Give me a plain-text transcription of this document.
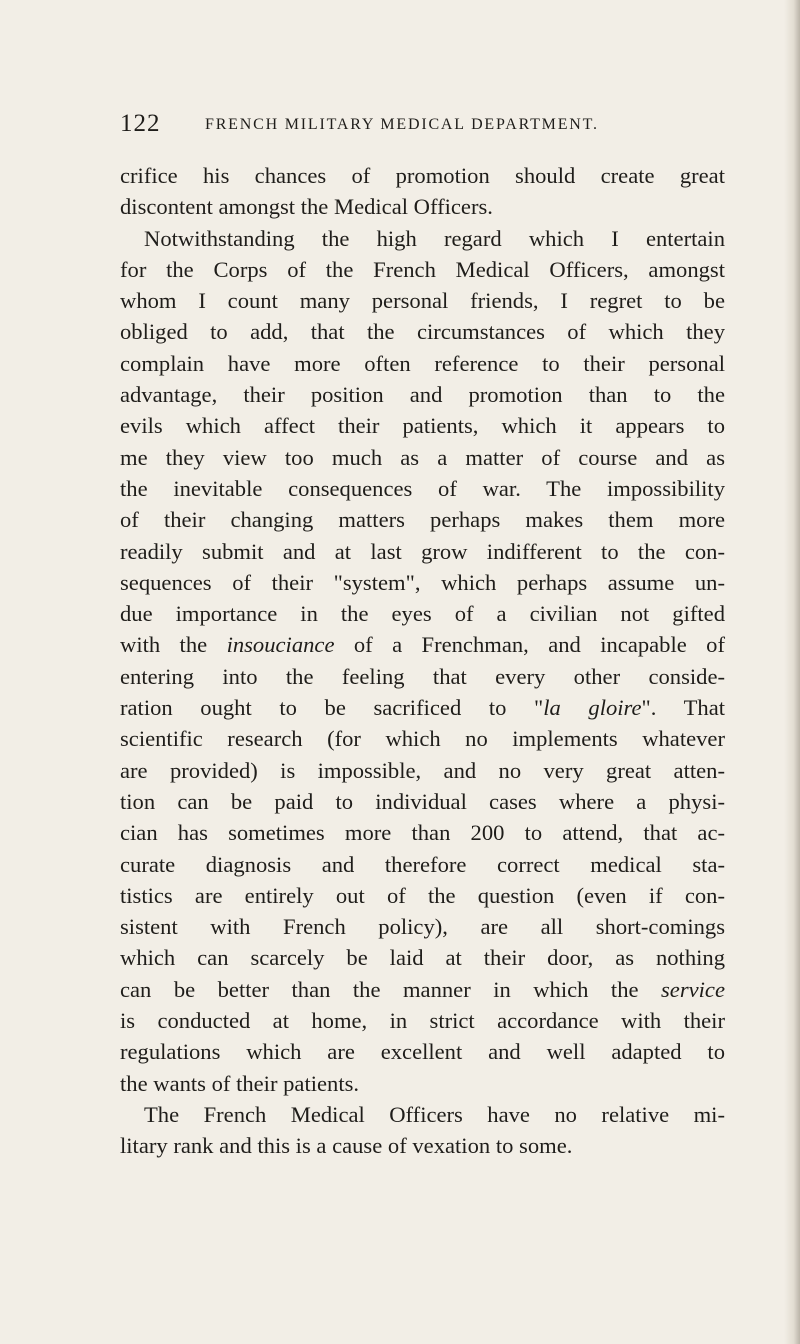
122	FRENCH MILITARY MEDICAL DEPARTMENT.
crifice his chances of promotion should create great
discontent amongst the Medical Officers.
Notwithstanding the high regard which I entertain
for the Corps of the French Medical Officers, amongst
whom I count many personal friends, I regret to be
obliged to add, that the circumstances of which they
complain have more often reference to their personal
advantage, their position and promotion than to the
evils which affect their patients, which it appears to
me they view too much as a matter of course and as
the inevitable consequences of war. The impossibility
of their changing matters perhaps makes them more
readily submit and at last grow indifferent to the con-
sequences of their "system", which perhaps assume un-
due importance in the eyes of a civilian not gifted
with the insouciance of a Frenchman, and incapable of
entering into the feeling that every other conside-
ration ought to be sacrificed to "la gloire". That
scientific research (for which no implements whatever
are provided) is impossible, and no very great atten-
tion can be paid to individual cases where a physi-
cian has sometimes more than 200 to attend, that ac-
curate diagnosis and therefore correct medical sta-
tistics are entirely out of the question (even if con-
sistent with French policy), are all short-comings
which can scarcely be laid at their door, as nothing
can be better than the manner in which the service
is conducted at home, in strict accordance with their
regulations which are excellent and well adapted to
the wants of their patients.
The French Medical Officers have no relative mi-
litary rank and this is a cause of vexation to some.
